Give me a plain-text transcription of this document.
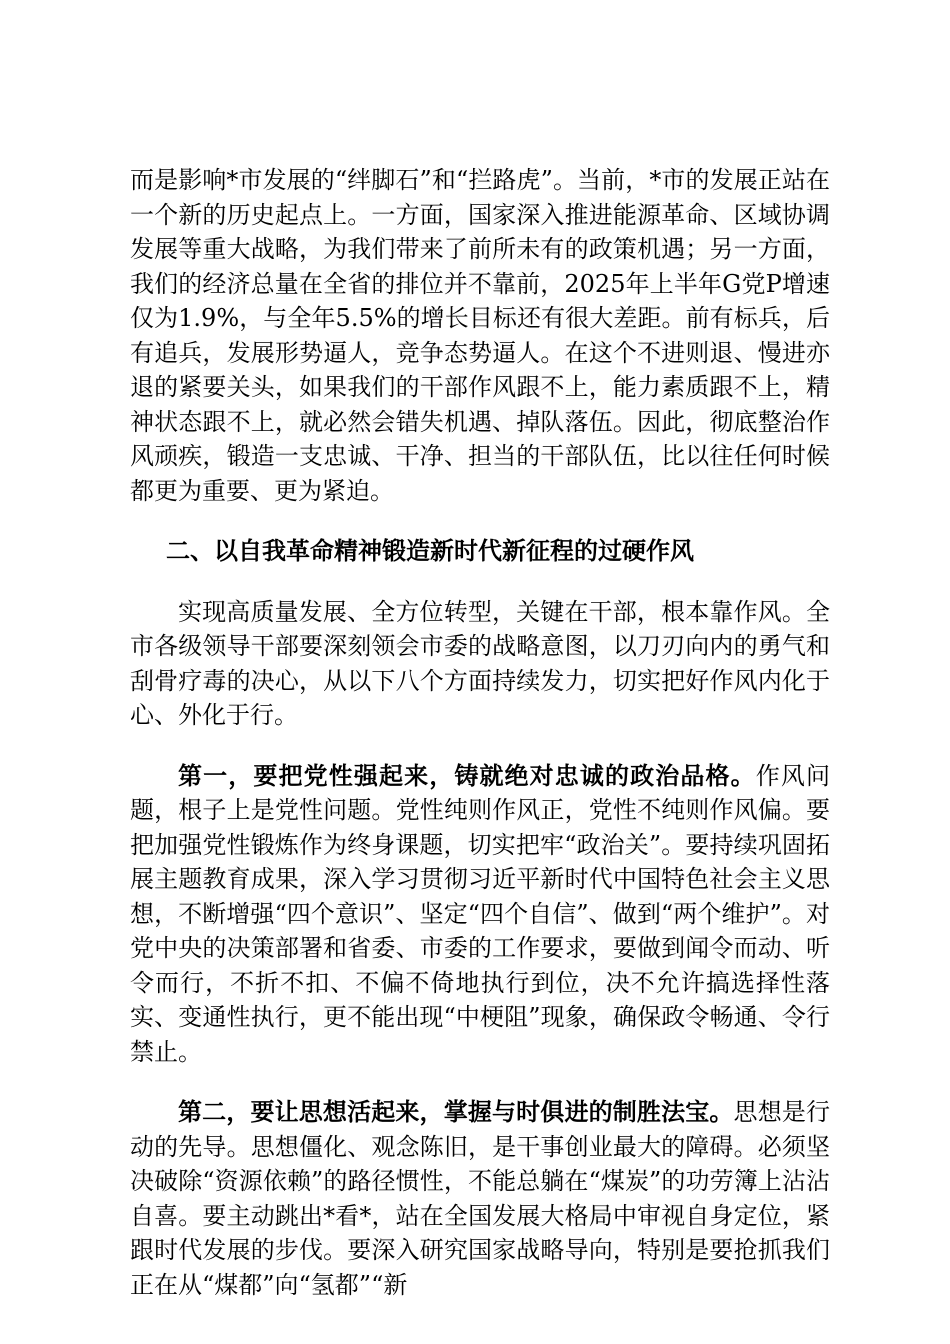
而是影响*市发展的“绊脚石”和“拦路虎”。当前，*市的发展正站在一个新的历史起点上。一方面，国家深入推进能源革命、区域协调发展等重大战略，为我们带来了前所未有的政策机遇；另一方面，我们的经济总量在全省的排位并不靠前，2025年上半年G党P增速仅为1.9%，与全年5.5%的增长目标还有很大差距。前有标兵，后有追兵，发展形势逼人，竞争态势逼人。在这个不进则退、慢进亦退的紧要关头，如果我们的干部作风跟不上，能力素质跟不上，精神状态跟不上，就必然会错失机遇、掉队落伍。因此，彻底整治作风顽疾，锻造一支忠诚、干净、担当的干部队伍，比以往任何时候都更为重要、更为紧迫。

二、以自我革命精神锻造新时代新征程的过硬作风

实现高质量发展、全方位转型，关键在干部，根本靠作风。全市各级领导干部要深刻领会市委的战略意图，以刀刃向内的勇气和刮骨疗毒的决心，从以下八个方面持续发力，切实把好作风内化于心、外化于行。

第一，要把党性强起来，铸就绝对忠诚的政治品格。作风问题，根子上是党性问题。党性纯则作风正，党性不纯则作风偏。要把加强党性锻炼作为终身课题，切实把牢“政治关”。要持续巩固拓展主题教育成果，深入学习贯彻习近平新时代中国特色社会主义思想，不断增强“四个意识”、坚定“四个自信”、做到“两个维护”。对党中央的决策部署和省委、市委的工作要求，要做到闻令而动、听令而行，不折不扣、不偏不倚地执行到位，决不允许搞选择性落实、变通性执行，更不能出现“中梗阻”现象，确保政令畅通、令行禁止。

第二，要让思想活起来，掌握与时俱进的制胜法宝。思想是行动的先导。思想僵化、观念陈旧，是干事创业最大的障碍。必须坚决破除“资源依赖”的路径惯性，不能总躺在“煤炭”的功劳簿上沾沾自喜。要主动跳出*看*，站在全国发展大格局中审视自身定位，紧跟时代发展的步伐。要深入研究国家战略导向，特别是要抢抓我们正在从“煤都”向“氢都”“新
